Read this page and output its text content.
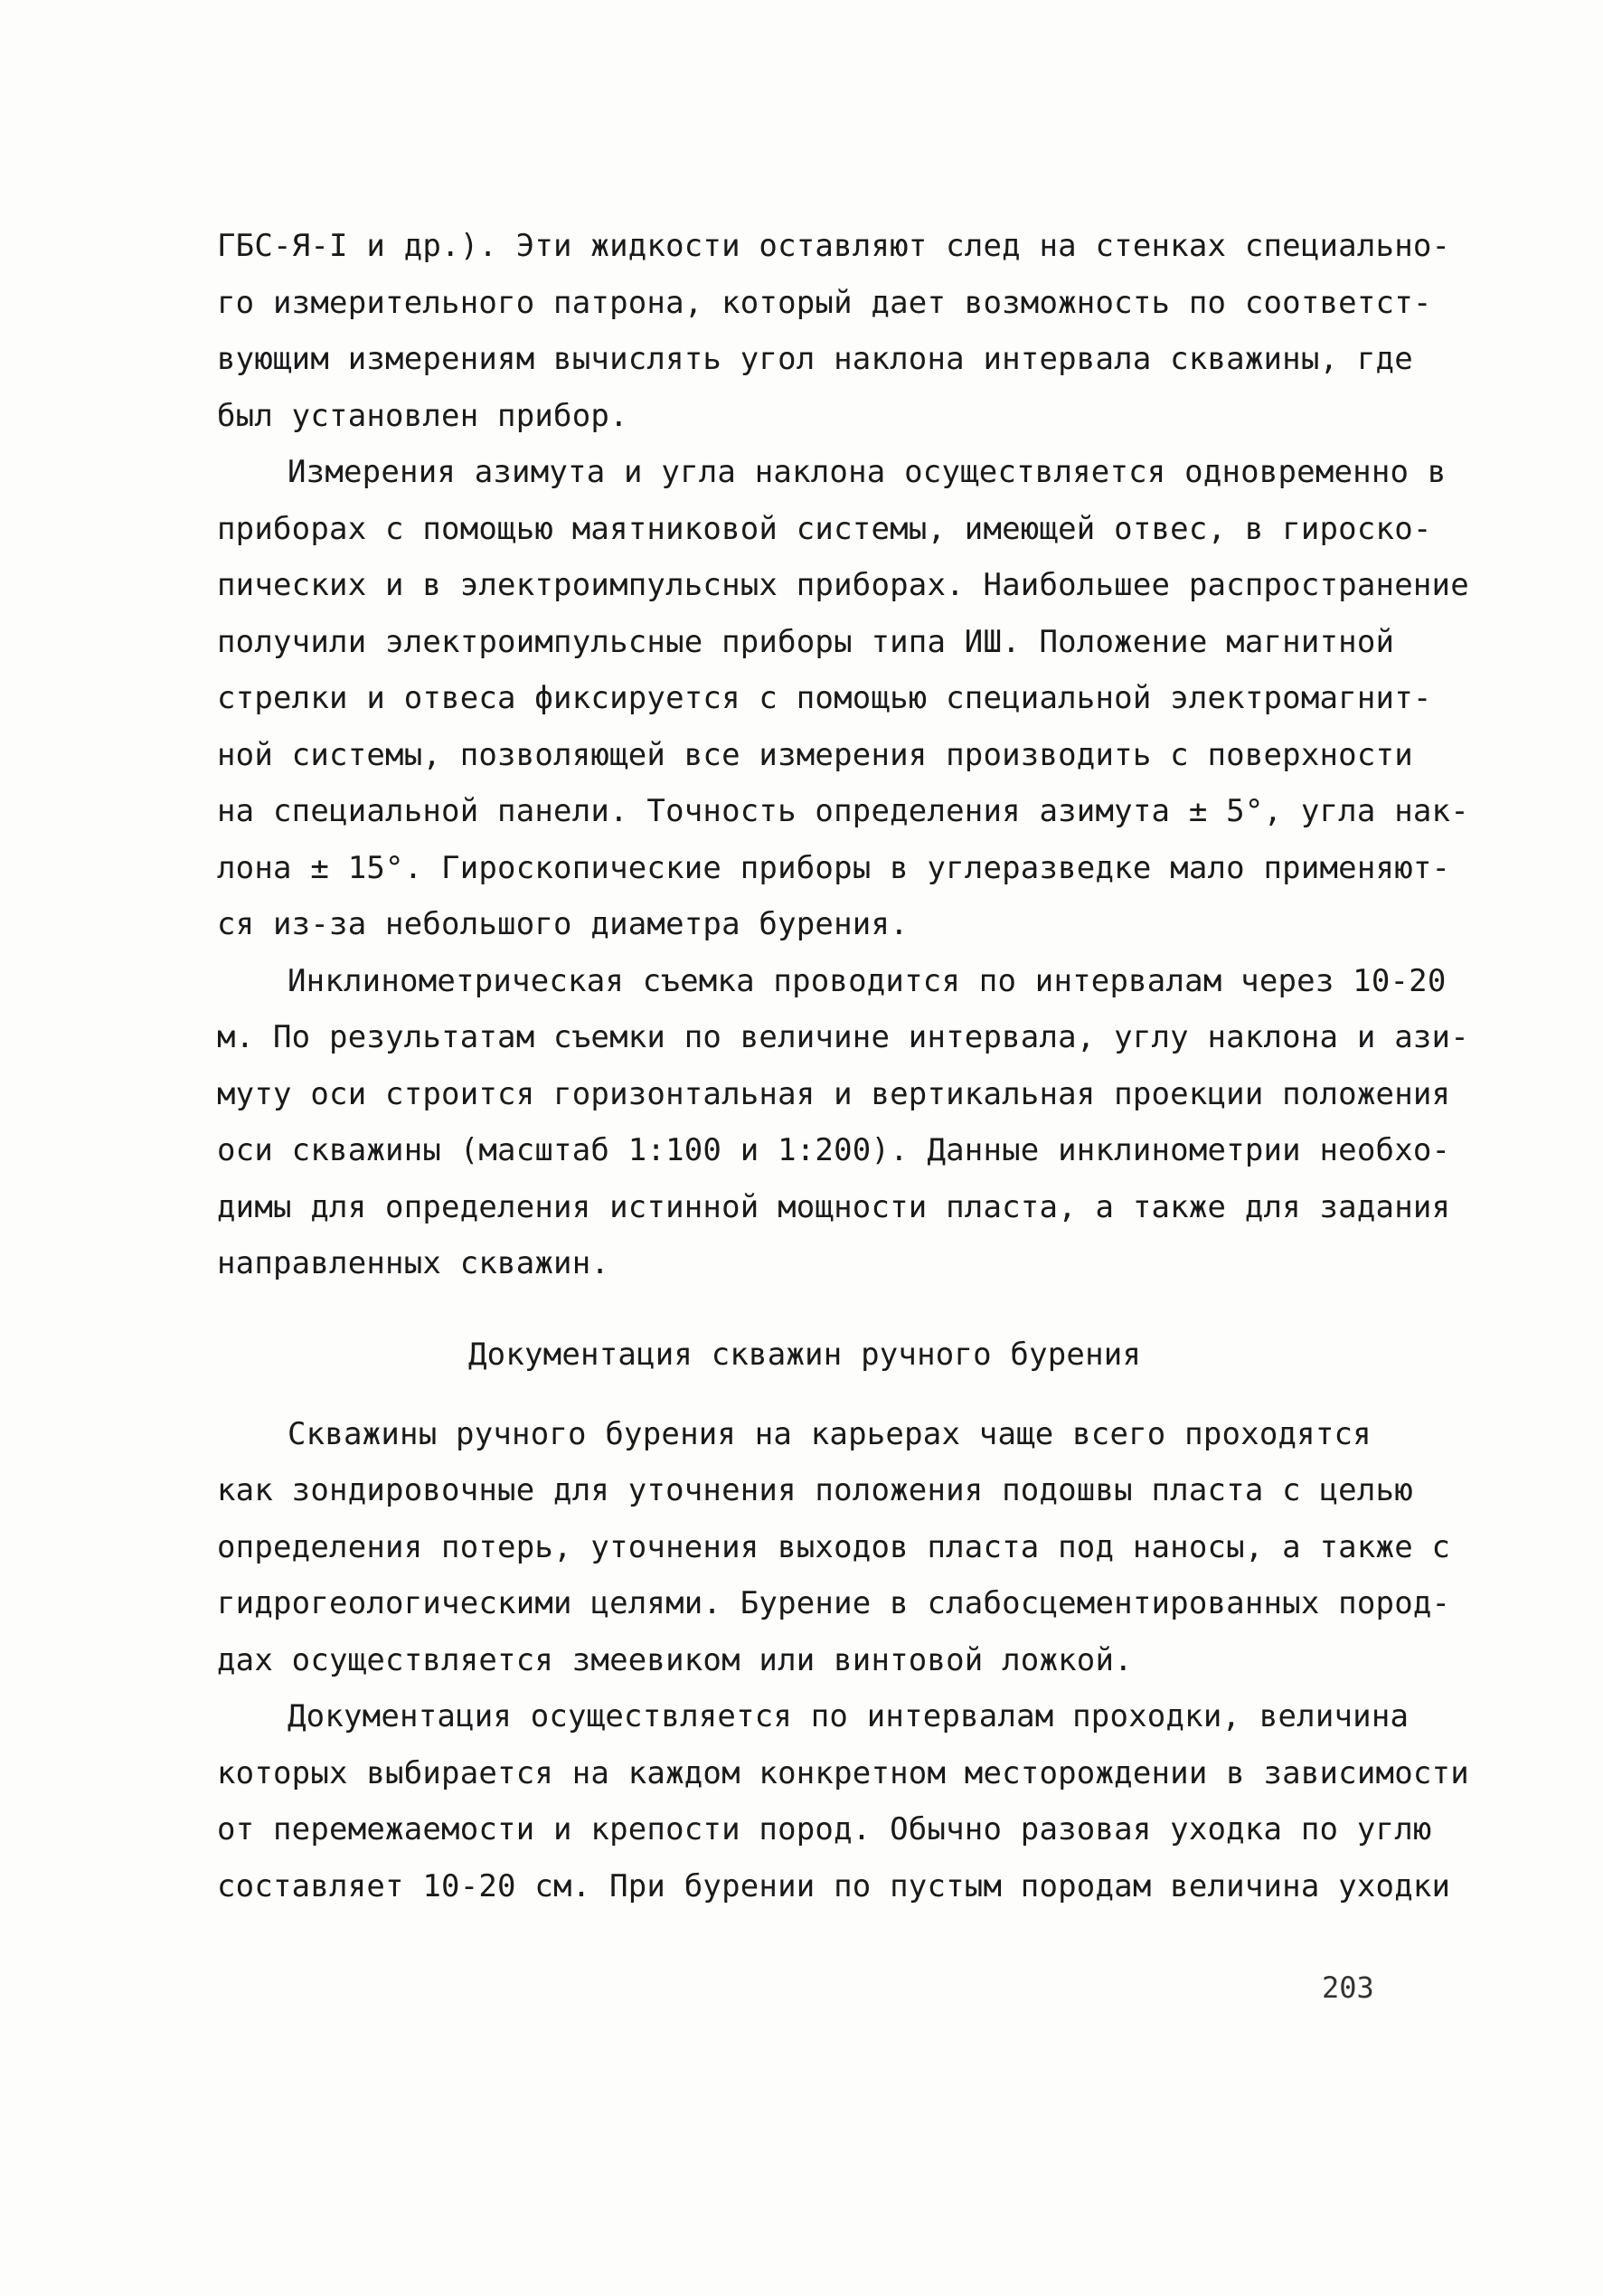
ГБС-Я-I и др.). Эти жидкости оставляют след на стенках специально-
го измерительного патрона, который дает возможность по соответст-
вующим измерениям вычислять угол наклона интервала скважины, где
был установлен прибор.
Измерения азимута и угла наклона осуществляется одновременно в
приборах с помощью маятниковой системы, имеющей отвес, в гироско-
пических и в электроимпульсных приборах. Наибольшее распространение
получили электроимпульсные приборы типа ИШ. Положение магнитной
стрелки и отвеса фиксируется с помощью специальной электромагнит-
ной системы, позволяющей все измерения производить с поверхности
на специальной панели. Точность определения азимута ± 5°, угла нак-
лона ± 15°. Гироскопические приборы в углеразведке мало применяют-
ся из-за небольшого диаметра бурения.
Инклинометрическая съемка проводится по интервалам через 10-20
м. По результатам съемки по величине интервала, углу наклона и ази-
муту оси строится горизонтальная и вертикальная проекции положения
оси скважины (масштаб 1:100 и 1:200). Данные инклинометрии необхо-
димы для определения истинной мощности пласта, а также для задания
направленных скважин.
Документация скважин ручного бурения
Скважины ручного бурения на карьерах чаще всего проходятся
как зондировочные для уточнения положения подошвы пласта с целью
определения потерь, уточнения выходов пласта под наносы, а также с
гидрогеологическими целями. Бурение в слабосцементированных пород-
дах осуществляется змеевиком или винтовой ложкой.
Документация осуществляется по интервалам проходки, величина
которых выбирается на каждом конкретном месторождении в зависимости
от перемежаемости и крепости пород. Обычно разовая уходка по углю
составляет 10-20 см. При бурении по пустым породам величина уходки
203
